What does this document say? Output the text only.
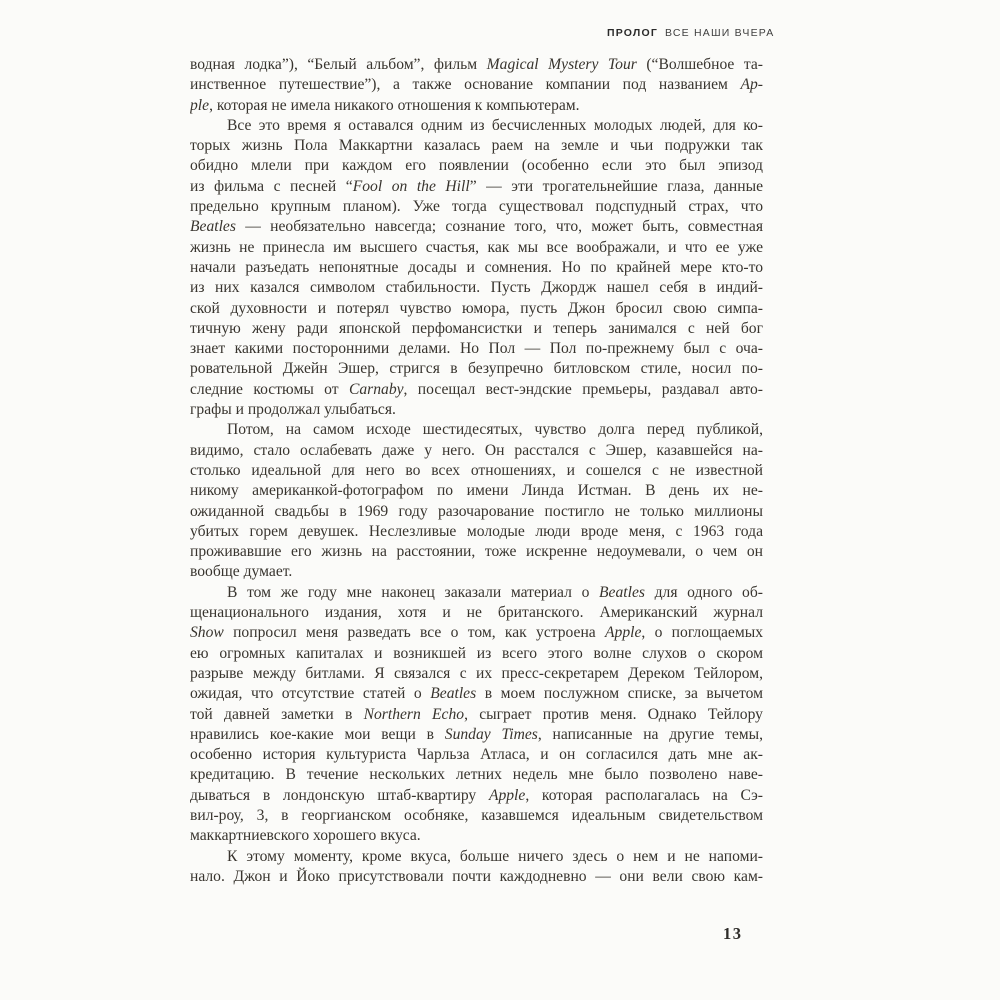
ПРОЛОГ ВСЕ НАШИ ВЧЕРА
водная лодка”), “Белый альбом”, фильм Magical Mystery Tour (“Волшебное та-
инственное путешествие”), а также основание компании под названием Ap-
ple, которая не имела никакого отношения к компьютерам.
Все это время я оставался одним из бесчисленных молодых людей, для ко-
торых жизнь Пола Маккартни казалась раем на земле и чьи подружки так
обидно млели при каждом его появлении (особенно если это был эпизод
из фильма с песней “Fool on the Hill” — эти трогательнейшие глаза, данные
предельно крупным планом). Уже тогда существовал подспудный страх, что
Beatles — необязательно навсегда; сознание того, что, может быть, совместная
жизнь не принесла им высшего счастья, как мы все воображали, и что ее уже
начали разъедать непонятные досады и сомнения. Но по крайней мере кто-то
из них казался символом стабильности. Пусть Джордж нашел себя в индий-
ской духовности и потерял чувство юмора, пусть Джон бросил свою симпа-
тичную жену ради японской перфомансистки и теперь занимался с ней бог
знает какими посторонними делами. Но Пол — Пол по-прежнему был с оча-
ровательной Джейн Эшер, стригся в безупречно битловском стиле, носил по-
следние костюмы от Carnaby, посещал вест-эндские премьеры, раздавал авто-
графы и продолжал улыбаться.
Потом, на самом исходе шестидесятых, чувство долга перед публикой,
видимо, стало ослабевать даже у него. Он расстался с Эшер, казавшейся на-
столько идеальной для него во всех отношениях, и сошелся с не известной
никому американкой-фотографом по имени Линда Истман. В день их не-
ожиданной свадьбы в 1969 году разочарование постигло не только миллионы
убитых горем девушек. Неслезливые молодые люди вроде меня, с 1963 года
проживавшие его жизнь на расстоянии, тоже искренне недоумевали, о чем он
вообще думает.
В том же году мне наконец заказали материал о Beatles для одного об-
щенационального издания, хотя и не британского. Американский журнал
Show попросил меня разведать все о том, как устроена Apple, о поглощаемых
ею огромных капиталах и возникшей из всего этого волне слухов о скором
разрыве между битлами. Я связался с их пресс-секретарем Дереком Тейлором,
ожидая, что отсутствие статей о Beatles в моем послужном списке, за вычетом
той давней заметки в Northern Echo, сыграет против меня. Однако Тейлору
нравились кое-какие мои вещи в Sunday Times, написанные на другие темы,
особенно история культуриста Чарльза Атласа, и он согласился дать мне ак-
кредитацию. В течение нескольких летних недель мне было позволено наве-
дываться в лондонскую штаб-квартиру Apple, которая располагалась на Сэ-
вил-роу, 3, в георгианском особняке, казавшемся идеальным свидетельством
маккартниевского хорошего вкуса.
К этому моменту, кроме вкуса, больше ничего здесь о нем и не напоми-
нало. Джон и Йоко присутствовали почти каждодневно — они вели свою кам-
13
